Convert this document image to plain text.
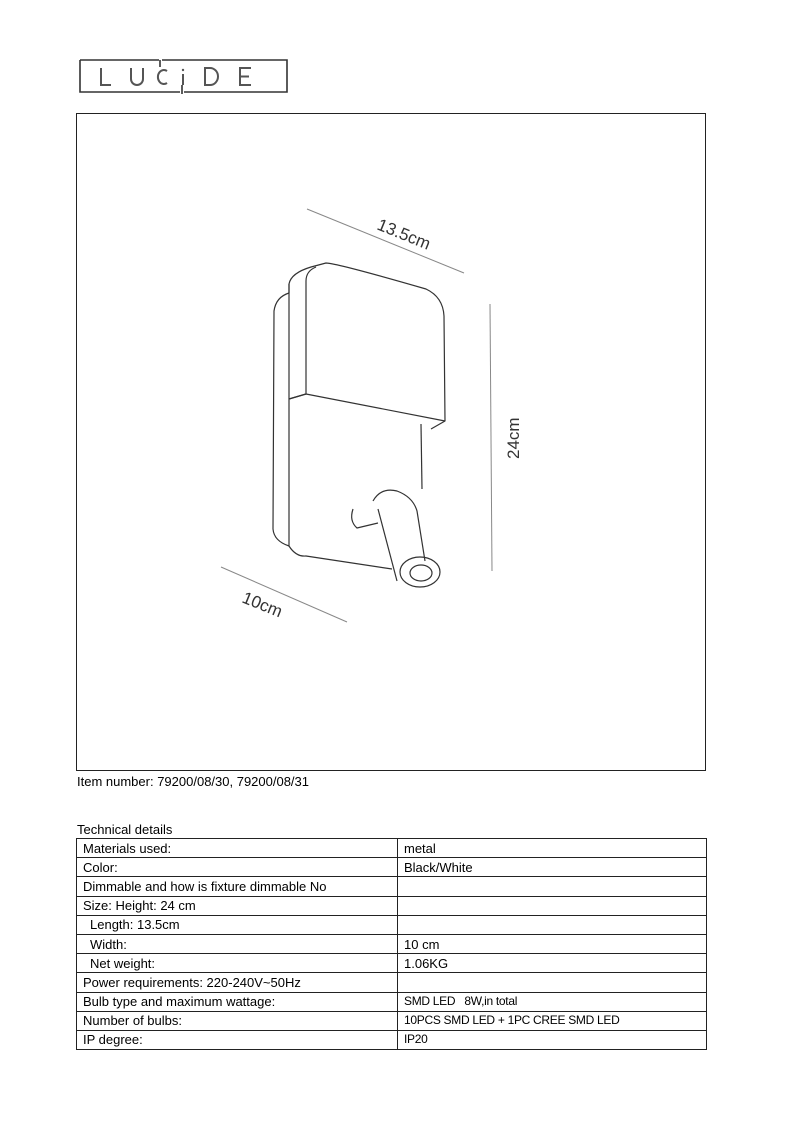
13.5cm
24cm
10cm
Item number: 79200/08/30, 79200/08/31
Technical details
Materials used:	metal
Color:	Black/White
Dimmable and how is fixture dimmable No	
Size: Height: 24 cm	
Length: 13.5cm	
Width:	10 cm
Net weight:	1.06KG
Power requirements: 220-240V~50Hz	
Bulb type and maximum wattage:	SMD LED   8W,in total
Number of bulbs:	10PCS SMD LED + 1PC CREE SMD LED
IP degree:	IP20
